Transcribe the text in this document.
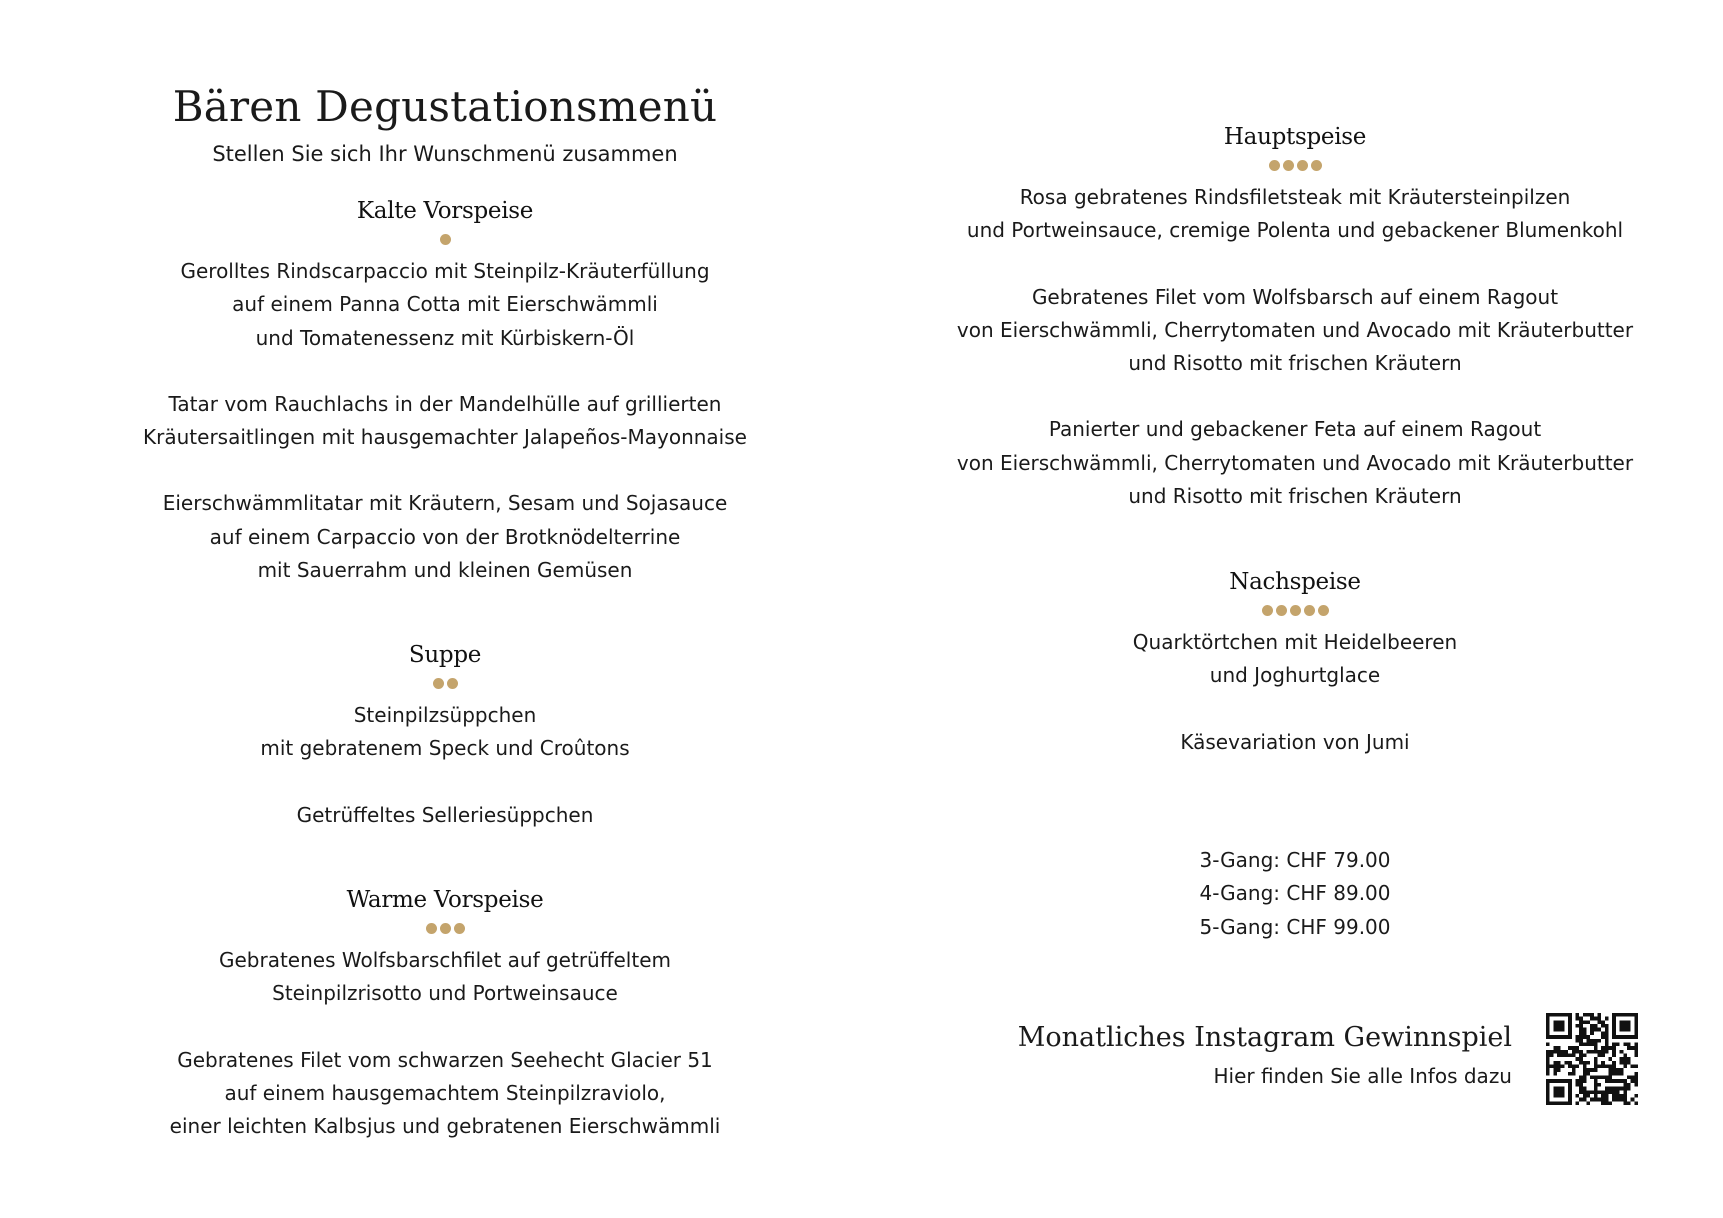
Bären Degustationsmenü
Stellen Sie sich Ihr Wunschmenü zusammen
Kalte Vorspeise
Gerolltes Rindscarpaccio mit Steinpilz-Kräuterfüllung
auf einem Panna Cotta mit Eierschwämmli
und Tomatenessenz mit Kürbiskern-Öl
Tatar vom Rauchlachs in der Mandelhülle auf grillierten
Kräutersaitlingen mit hausgemachter Jalapeños-Mayonnaise
Eierschwämmlitatar mit Kräutern, Sesam und Sojasauce
auf einem Carpaccio von der Brotknödelterrine
mit Sauerrahm und kleinen Gemüsen
Suppe
Steinpilzsüppchen
mit gebratenem Speck und Croûtons
Getrüffeltes Selleriesüppchen
Warme Vorspeise
Gebratenes Wolfsbarschfilet auf getrüffeltem
Steinpilzrisotto und Portweinsauce
Gebratenes Filet vom schwarzen Seehecht Glacier 51
auf einem hausgemachtem Steinpilzraviolo,
einer leichten Kalbsjus und gebratenen Eierschwämmli
Hauptspeise
Rosa gebratenes Rindsfiletsteak mit Kräutersteinpilzen
und Portweinsauce, cremige Polenta und gebackener Blumenkohl
Gebratenes Filet vom Wolfsbarsch auf einem Ragout
von Eierschwämmli, Cherrytomaten und Avocado mit Kräuterbutter
und Risotto mit frischen Kräutern
Panierter und gebackener Feta auf einem Ragout
von Eierschwämmli, Cherrytomaten und Avocado mit Kräuterbutter
und Risotto mit frischen Kräutern
Nachspeise
Quarktörtchen mit Heidelbeeren
und Joghurtglace
Käsevariation von Jumi
3-Gang: CHF 79.00
4-Gang: CHF 89.00
5-Gang: CHF 99.00
Monatliches Instagram Gewinnspiel
Hier finden Sie alle Infos dazu
